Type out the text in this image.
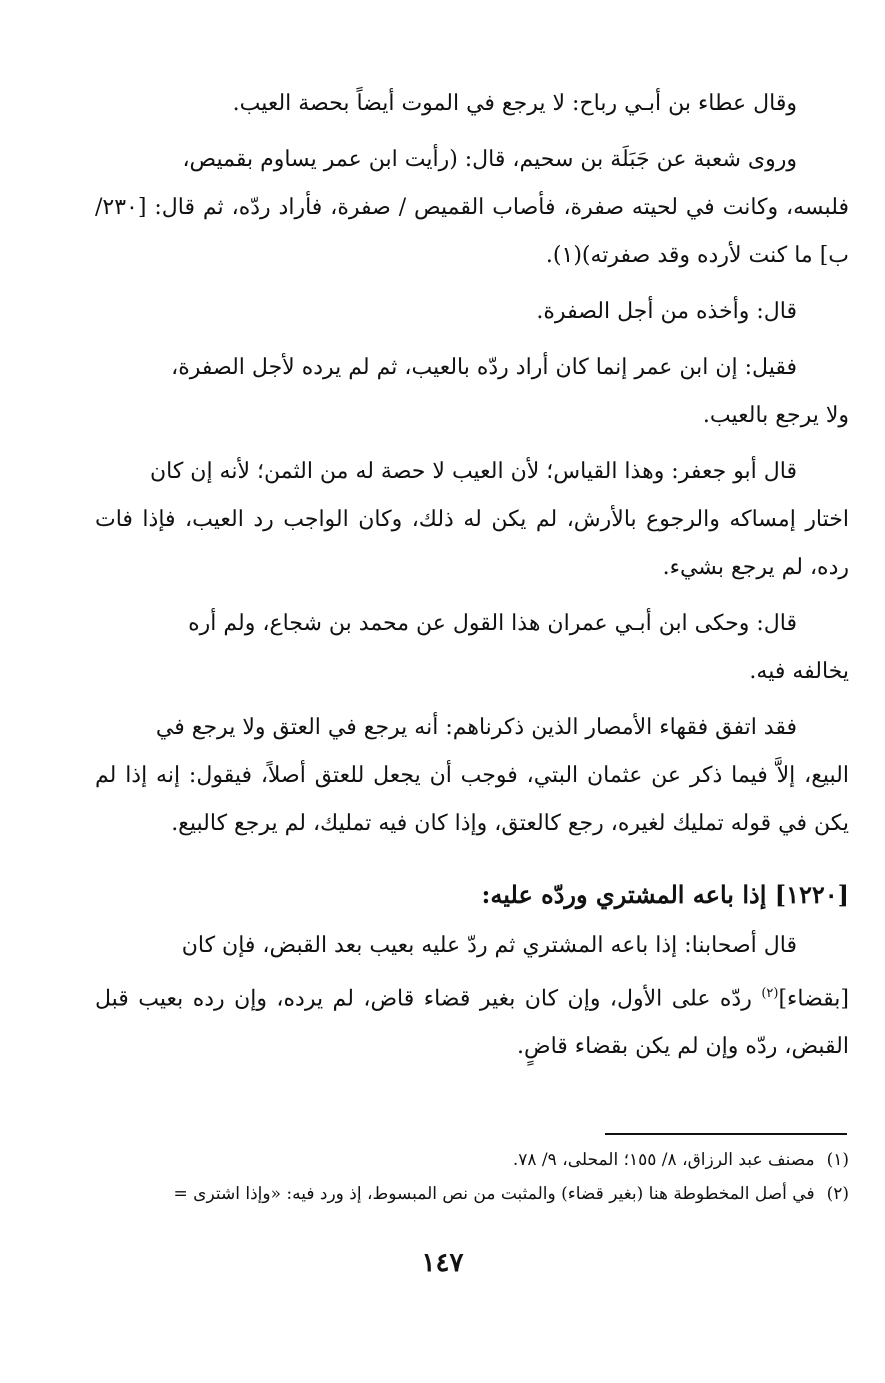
وقال عطاء بن أبـي رباح: لا يرجع في الموت أيضاً بحصة العيب.

وروى شعبة عن جَبَلَة بن سحيم، قال: (رأيت ابن عمر يساوم بقميص،
فلبسه، وكانت في لحيته صفرة، فأصاب القميص / صفرة، فأراد ردّه، ثم قال: [٢٣٠/ب] ما كنت لأرده وقد صفرته)(١).

قال: وأخذه من أجل الصفرة.

فقيل: إن ابن عمر إنما كان أراد ردّه بالعيب، ثم لم يرده لأجل الصفرة،
ولا يرجع بالعيب.

قال أبو جعفر: وهذا القياس؛ لأن العيب لا حصة له من الثمن؛ لأنه إن كان
اختار إمساكه والرجوع بالأرش، لم يكن له ذلك، وكان الواجب رد العيب، فإذا فات رده، لم يرجع بشيء.

قال: وحكى ابن أبـي عمران هذا القول عن محمد بن شجاع، ولم أره
يخالفه فيه.

فقد اتفق فقهاء الأمصار الذين ذكرناهم: أنه يرجع في العتق ولا يرجع في
البيع، إلاَّ فيما ذكر عن عثمان البتي، فوجب أن يجعل للعتق أصلاً، فيقول: إنه إذا لم يكن في قوله تمليك لغيره، رجع كالعتق، وإذا كان فيه تمليك، لم يرجع كالبيع.

[١٢٢٠] إذا باعه المشتري وردّه عليه:

قال أصحابنا: إذا باعه المشتري ثم ردّ عليه بعيب بعد القبض، فإن كان
[بقضاء]$^{(٢)}$ ردّه على الأول، وإن كان بغير قضاء قاض، لم يرده، وإن رده بعيب قبل القبض، ردّه وإن لم يكن بقضاء قاضٍ.

(١)مصنف عبد الرزاق، ٨/ ١٥٥؛ المحلى، ٩/ ٧٨.
(٢)في أصل المخطوطة هنا (بغير قضاء) والمثبت من نص المبسوط، إذ ورد فيه: «وإذا اشترى =
١٤٧
